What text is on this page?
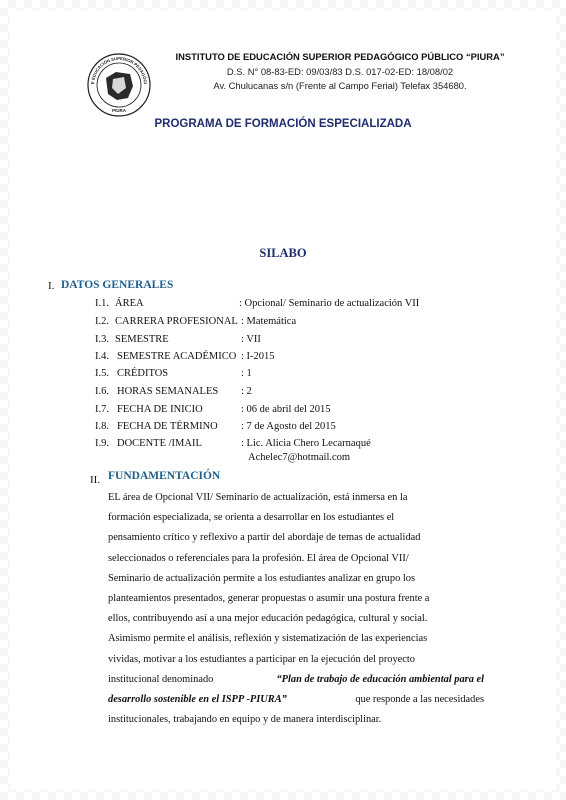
E EDUCACIÓN SUPERIOR PEDAGÓGI
PIURA
INSTITUTO DE EDUCACIÓN SUPERIOR PEDAGÓGICO PÚBLICO “PIURA”
D.S. N° 08-83-ED: 09/03/83 D.S. 017-02-ED: 18/08/02
Av. Chulucanas s/n (Frente al Campo Ferial) Telefax 354680.
PROGRAMA DE FORMACIÓN ESPECIALIZADA
SILABO
I. DATOS GENERALES
I.1. ÁREA	: Opcional/ Seminario de actualización VII
I.2. CARRERA PROFESIONAL : Matemática
I.3. SEMESTRE	: VII
I.4. SEMESTRE ACADÉMICO : I-2015
I.5. CRÉDITOS	: 1
I.6. HORAS SEMANALES : 2
I.7. FECHA DE INICIO	: 06 de abril del 2015
I.8. FECHA DE TÉRMINO : 7 de Agosto del 2015
I.9. DOCENTE /IMAIL	: Lic. Alicia Chero Lecarnaqué
Achelec7@hotmail.com
II. FUNDAMENTACIÓN
EL área de Opcional VII/ Seminario de actualización, está inmersa en la
formación especializada, se orienta a desarrollar en los estudiantes el
pensamiento crítico y reflexivo a partir del abordaje de temas de actualidad
seleccionados o referenciales para la profesión. El área de Opcional VII/
Seminario de actualización permite a los estudiantes analizar en grupo los
planteamientos presentados, generar propuestas o asumir una postura frente a
ellos, contribuyendo así a una mejor educación pedagógica, cultural y social.
Asimismo permite el análisis, reflexión y sistematización de las experiencias
vividas, motivar a los estudiantes a participar en la ejecución del proyecto
institucional denominado	“Plan de trabajo de educación ambiental para el
desarrollo sostenible en el ISPP -PIURA”	que responde a las necesidades
institucionales, trabajando en equipo y de manera interdisciplinar.
